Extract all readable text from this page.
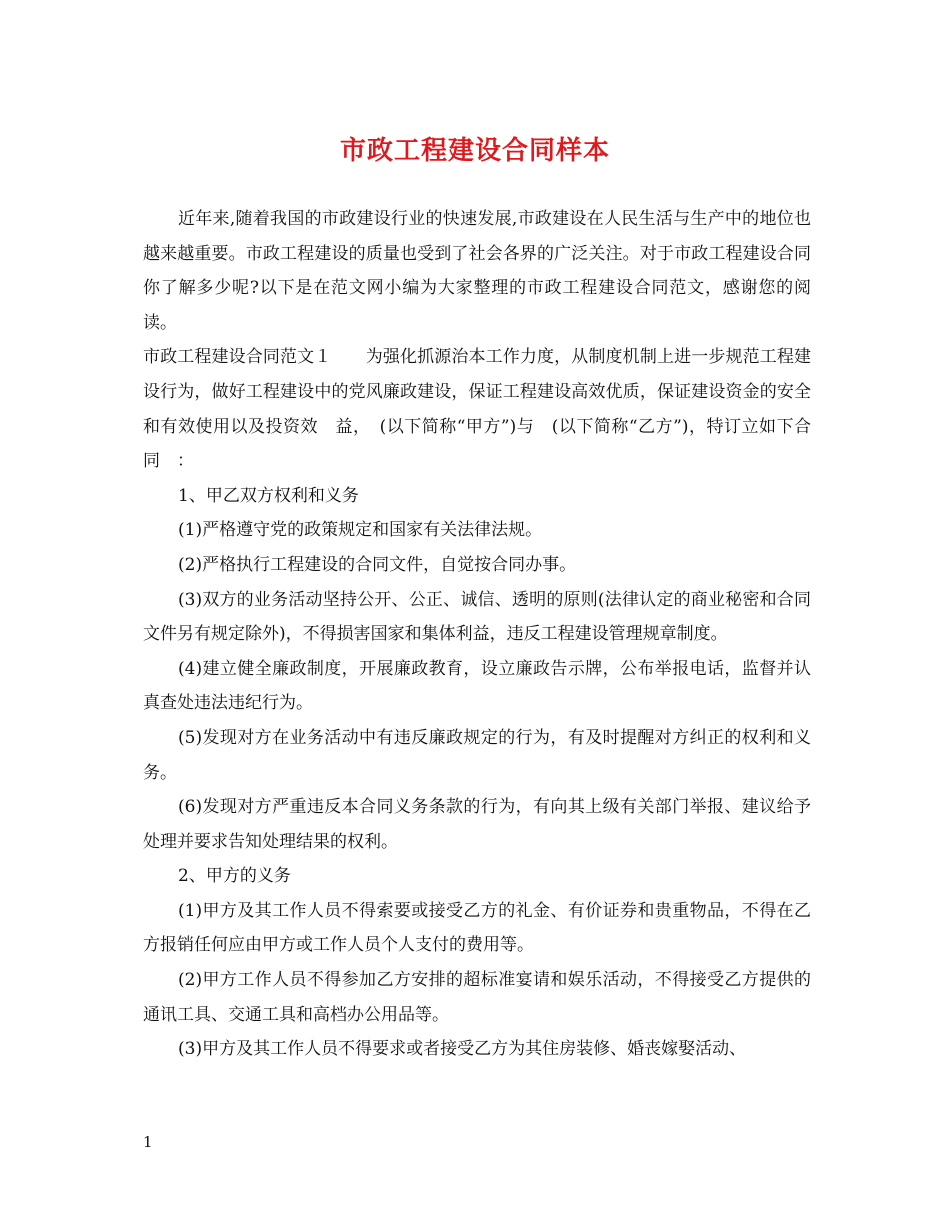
市政工程建设合同样本

近年来,随着我国的市政建设行业的快速发展,市政建设在人民生活与生产中的地位也越来越重要。市政工程建设的质量也受到了社会各界的广泛关注。对于市政工程建设合同你了解多少呢?以下是在范文网小编为大家整理的市政工程建设合同范文，感谢您的阅读。

市政工程建设合同范文１　　为强化抓源治本工作力度，从制度机制上进一步规范工程建设行为，做好工程建设中的党风廉政建设，保证工程建设高效优质，保证建设资金的安全和有效使用以及投资效　益，　(以下简称“甲方”)与　(以下简称“乙方”)，特订立如下合同　：

1、甲乙双方权利和义务

(1)严格遵守党的政策规定和国家有关法律法规。

(2)严格执行工程建设的合同文件，自觉按合同办事。

(3)双方的业务活动坚持公开、公正、诚信、透明的原则(法律认定的商业秘密和合同文件另有规定除外)，不得损害国家和集体利益，违反工程建设管理规章制度。

(4)建立健全廉政制度，开展廉政教育，设立廉政告示牌，公布举报电话，监督并认真查处违法违纪行为。

(5)发现对方在业务活动中有违反廉政规定的行为，有及时提醒对方纠正的权利和义务。

(6)发现对方严重违反本合同义务条款的行为，有向其上级有关部门举报、建议给予处理并要求告知处理结果的权利。

2、甲方的义务

(1)甲方及其工作人员不得索要或接受乙方的礼金、有价证券和贵重物品，不得在乙方报销任何应由甲方或工作人员个人支付的费用等。

(2)甲方工作人员不得参加乙方安排的超标准宴请和娱乐活动，不得接受乙方提供的通讯工具、交通工具和高档办公用品等。

(3)甲方及其工作人员不得要求或者接受乙方为其住房装修、婚丧嫁娶活动、

1
